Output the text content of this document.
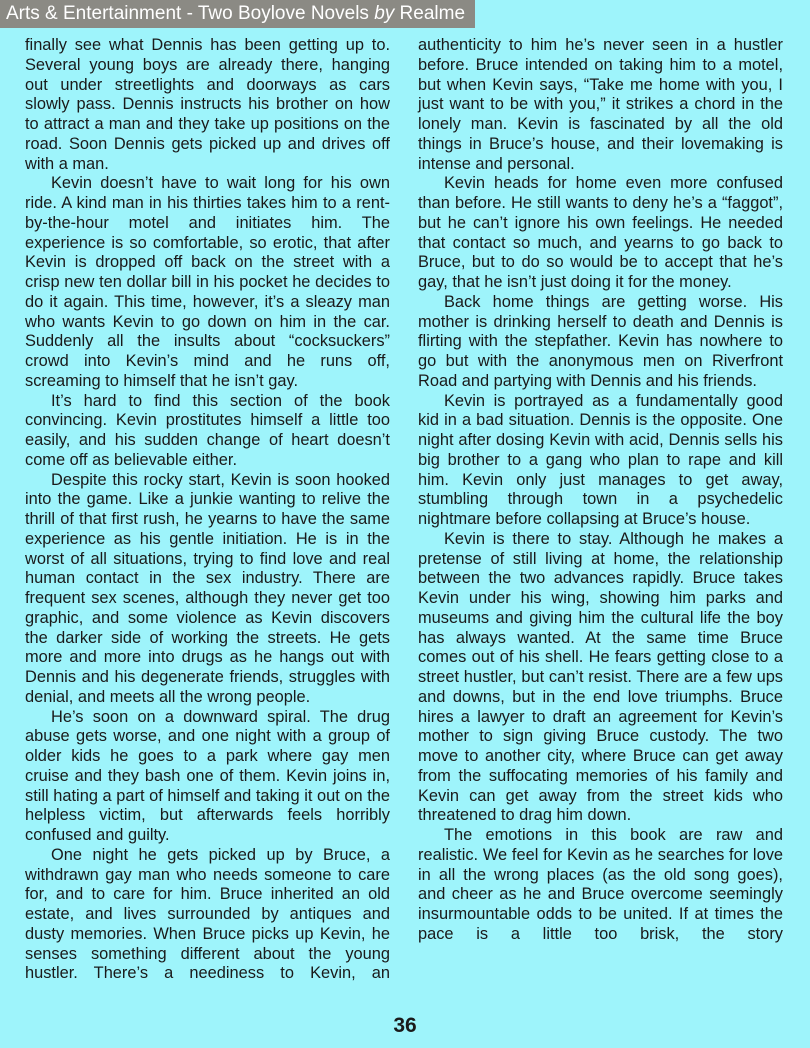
Arts & Entertainment - Two Boylove Novels by Realme

finally see what Dennis has been getting up to. Several young boys are already there, hanging out under streetlights and doorways as cars slowly pass. Dennis instructs his brother on how to attract a man and they take up positions on the road. Soon Dennis gets picked up and drives off with a man.

Kevin doesn’t have to wait long for his own ride. A kind man in his thirties takes him to a rent-by-the-hour motel and initiates him. The experience is so comfortable, so erotic, that after Kevin is dropped off back on the street with a crisp new ten dollar bill in his pocket he decides to do it again. This time, however, it’s a sleazy man who wants Kevin to go down on him in the car. Suddenly all the insults about “cocksuckers” crowd into Kevin’s mind and he runs off, screaming to himself that he isn’t gay.

It’s hard to find this section of the book convincing. Kevin prostitutes himself a little too easily, and his sudden change of heart doesn’t come off as believable either.

Despite this rocky start, Kevin is soon hooked into the game. Like a junkie wanting to relive the thrill of that first rush, he yearns to have the same experience as his gentle initiation. He is in the worst of all situations, trying to find love and real human contact in the sex industry. There are frequent sex scenes, although they never get too graphic, and some violence as Kevin discovers the darker side of working the streets. He gets more and more into drugs as he hangs out with Dennis and his degenerate friends, struggles with denial, and meets all the wrong people.

He’s soon on a downward spiral. The drug abuse gets worse, and one night with a group of older kids he goes to a park where gay men cruise and they bash one of them. Kevin joins in, still hating a part of himself and taking it out on the helpless victim, but afterwards feels horribly confused and guilty.

One night he gets picked up by Bruce, a withdrawn gay man who needs someone to care for, and to care for him. Bruce inherited an old estate, and lives surrounded by antiques and dusty memories. When Bruce picks up Kevin, he senses something different about the young hustler. There’s a neediness to Kevin, an

authenticity to him he’s never seen in a hustler before. Bruce intended on taking him to a motel, but when Kevin says, “Take me home with you, I just want to be with you,” it strikes a chord in the lonely man. Kevin is fascinated by all the old things in Bruce’s house, and their lovemaking is intense and personal.

Kevin heads for home even more confused than before. He still wants to deny he’s a “faggot”, but he can’t ignore his own feelings. He needed that contact so much, and yearns to go back to Bruce, but to do so would be to accept that he’s gay, that he isn’t just doing it for the money.

Back home things are getting worse. His mother is drinking herself to death and Dennis is flirting with the stepfather. Kevin has nowhere to go but with the anonymous men on Riverfront Road and partying with Dennis and his friends.

Kevin is portrayed as a fundamentally good kid in a bad situation. Dennis is the opposite. One night after dosing Kevin with acid, Dennis sells his big brother to a gang who plan to rape and kill him. Kevin only just manages to get away, stumbling through town in a psychedelic nightmare before collapsing at Bruce’s house.

Kevin is there to stay. Although he makes a pretense of still living at home, the relationship between the two advances rapidly. Bruce takes Kevin under his wing, showing him parks and museums and giving him the cultural life the boy has always wanted. At the same time Bruce comes out of his shell. He fears getting close to a street hustler, but can’t resist. There are a few ups and downs, but in the end love triumphs. Bruce hires a lawyer to draft an agreement for Kevin’s mother to sign giving Bruce custody. The two move to another city, where Bruce can get away from the suffocating memories of his family and Kevin can get away from the street kids who threatened to drag him down.

The emotions in this book are raw and realistic. We feel for Kevin as he searches for love in all the wrong places (as the old song goes), and cheer as he and Bruce overcome seemingly insurmountable odds to be united. If at times the pace is a little too brisk, the story

36
